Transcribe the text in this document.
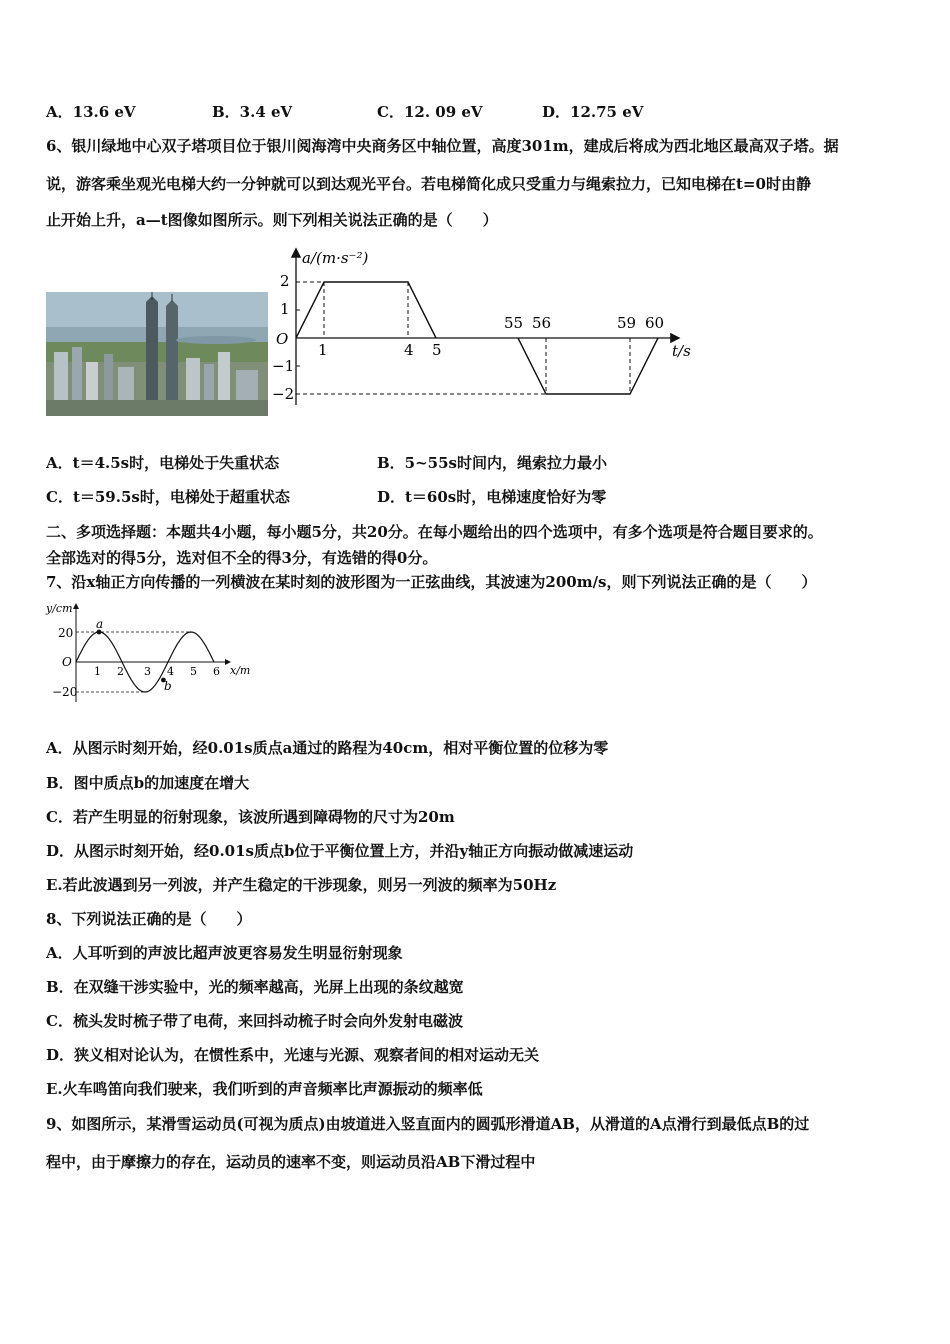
A．13.6 eV	B．3.4 eV	C．12. 09 eV	D．12.75 eV
6、银川绿地中心双子塔项目位于银川阅海湾中央商务区中轴位置，高度301m，建成后将成为西北地区最高双子塔。据
说，游客乘坐观光电梯大约一分钟就可以到达观光平台。若电梯简化成只受重力与绳索拉力，已知电梯在t=0时由静
止开始上升，a—t图像如图所示。则下列相关说法正确的是（　　）
a/(m·s⁻²)
t/s
O
2
1
−1
−2
1	4 5
55 56	59 60
A．t＝4.5s时，电梯处于失重状态	B．5~55s时间内，绳索拉力最小
C．t＝59.5s时，电梯处于超重状态	D．t＝60s时，电梯速度恰好为零
二、多项选择题：本题共4小题，每小题5分，共20分。在每小题给出的四个选项中，有多个选项是符合题目要求的。
全部选对的得5分，选对但不全的得3分，有选错的得0分。
7、沿x轴正方向传播的一列横波在某时刻的波形图为一正弦曲线，其波速为200m/s，则下列说法正确的是（　　）
y/cm
x/m
O
20
−20
1 2 3 4 5 6
a
b
A．从图示时刻开始，经0.01s质点a通过的路程为40cm，相对平衡位置的位移为零
B．图中质点b的加速度在增大
C．若产生明显的衍射现象，该波所遇到障碍物的尺寸为20m
D．从图示时刻开始，经0.01s质点b位于平衡位置上方，并沿y轴正方向振动做减速运动
E.若此波遇到另一列波，并产生稳定的干涉现象，则另一列波的频率为50Hz
8、下列说法正确的是（　　）
A．人耳听到的声波比超声波更容易发生明显衍射现象
B．在双缝干涉实验中，光的频率越高，光屏上出现的条纹越宽
C．梳头发时梳子带了电荷，来回抖动梳子时会向外发射电磁波
D．狭义相对论认为，在惯性系中，光速与光源、观察者间的相对运动无关
E.火车鸣笛向我们驶来，我们听到的声音频率比声源振动的频率低
9、如图所示，某滑雪运动员(可视为质点)由坡道进入竖直面内的圆弧形滑道AB，从滑道的A点滑行到最低点B的过
程中，由于摩擦力的存在，运动员的速率不变，则运动员沿AB下滑过程中
